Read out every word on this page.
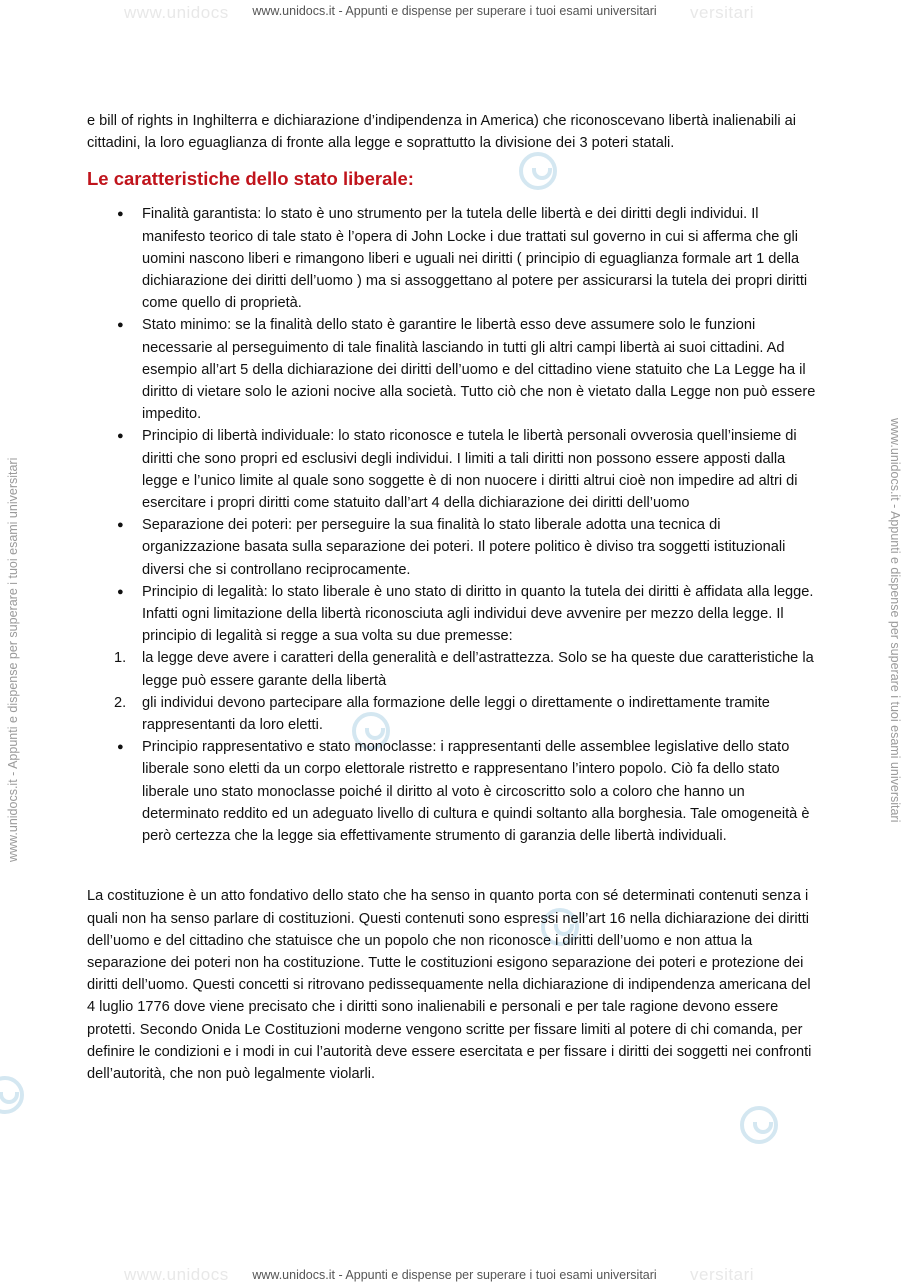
www.unidocs	versitari
www.unidocs.it - Appunti e dispense per superare i tuoi esami universitari
www.unidocs.it - Appunti e dispense per superare i tuoi esami universitari	www.unidocs.it - Appunti e dispense per superare i tuoi esami universitari

e bill of rights in Inghilterra e dichiarazione d’indipendenza in America) che riconoscevano libertà inalienabili ai cittadini, la loro eguaglianza di fronte alla legge e soprattutto la divisione dei 3 poteri statali.

Le caratteristiche dello stato liberale:

● Finalità garantista: lo stato è uno strumento per la tutela delle libertà e dei diritti degli individui. Il manifesto teorico di tale stato è l’opera di John Locke i due trattati sul governo in cui si afferma che gli uomini nascono liberi e rimangono liberi e uguali nei diritti ( principio di eguaglianza formale art 1 della dichiarazione dei diritti dell’uomo ) ma si assoggettano al potere per assicurarsi la tutela dei propri diritti come quello di proprietà.
● Stato minimo: se la finalità dello stato è garantire le libertà esso deve assumere solo le funzioni necessarie al perseguimento di tale finalità lasciando in tutti gli altri campi libertà ai suoi cittadini. Ad esempio all’art 5 della dichiarazione dei diritti dell’uomo e del cittadino viene statuito che La Legge ha il diritto di vietare solo le azioni nocive alla società. Tutto ciò che non è vietato dalla Legge non può essere impedito.
● Principio di libertà individuale: lo stato riconosce e tutela le libertà personali ovverosia quell’insieme di diritti che sono propri ed esclusivi degli individui. I limiti a tali diritti non possono essere apposti dalla legge e l’unico limite al quale sono soggette è di non nuocere i diritti altrui cioè non impedire ad altri di esercitare i propri diritti come statuito dall’art 4 della dichiarazione dei diritti dell’uomo
● Separazione dei poteri: per perseguire la sua finalità lo stato liberale adotta una tecnica di organizzazione basata sulla separazione dei poteri. Il potere politico è diviso tra soggetti istituzionali diversi che si controllano reciprocamente.
● Principio di legalità: lo stato liberale è uno stato di diritto in quanto la tutela dei diritti è affidata alla legge. Infatti ogni limitazione della libertà riconosciuta agli individui deve avvenire per mezzo della legge. Il principio di legalità si regge a sua volta su due premesse:
1. la legge deve avere i caratteri della generalità e dell’astrattezza. Solo se ha queste due caratteristiche la legge può essere garante della libertà
2. gli individui devono partecipare alla formazione delle leggi o direttamente o indirettamente tramite rappresentanti da loro eletti.
● Principio rappresentativo e stato monoclasse: i rappresentanti delle assemblee legislative dello stato liberale sono eletti da un corpo elettorale ristretto e rappresentano l’intero popolo. Ciò fa dello stato liberale uno stato monoclasse poiché il diritto al voto è circoscritto solo a coloro che hanno un determinato reddito ed un adeguato livello di cultura e quindi soltanto alla borghesia. Tale omogeneità è però certezza che la legge sia effettivamente strumento di garanzia delle libertà individuali.

La costituzione è un atto fondativo dello stato che ha senso in quanto porta con sé determinati contenuti senza i quali non ha senso parlare di costituzioni. Questi contenuti sono espressi nell’art 16 nella dichiarazione dei diritti dell’uomo e del cittadino che statuisce che un popolo che non riconosce i diritti dell’uomo e non attua la separazione dei poteri non ha costituzione. Tutte le costituzioni esigono separazione dei poteri e protezione dei diritti dell’uomo. Questi concetti si ritrovano pedissequamente nella dichiarazione di indipendenza americana del 4 luglio 1776 dove viene precisato che i diritti sono inalienabili e personali e per tale ragione devono essere protetti. Secondo Onida Le Costituzioni moderne vengono scritte per fissare limiti al potere di chi comanda, per definire le condizioni e i modi in cui l’autorità deve essere esercitata e per fissare i diritti dei soggetti nei confronti dell’autorità, che non può legalmente violarli.

www.unidocs	versitari
www.unidocs.it - Appunti e dispense per superare i tuoi esami universitari
